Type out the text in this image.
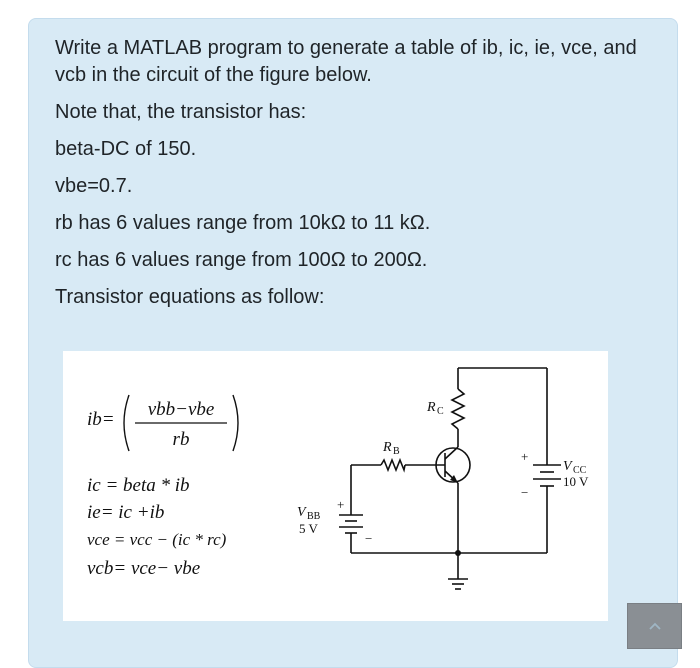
Write a MATLAB program to generate a table of ib, ic, ie, vce, and vcb in the circuit of the figure below.

Note that, the transistor has:

beta-DC of 150.

vbe=0.7.

rb has 6 values range from 10kΩ to 11 kΩ.

rc has 6 values range from 100Ω to 200Ω.

Transistor equations as follow:

ib= vbb−vbe
rb
ic = beta * ib
ie= ic +ib
vce = vcc − (ic * rc)
vcb= vce− vbe
R C
R B
V BB
5 V
V CC
10 V
+
−
+
−
